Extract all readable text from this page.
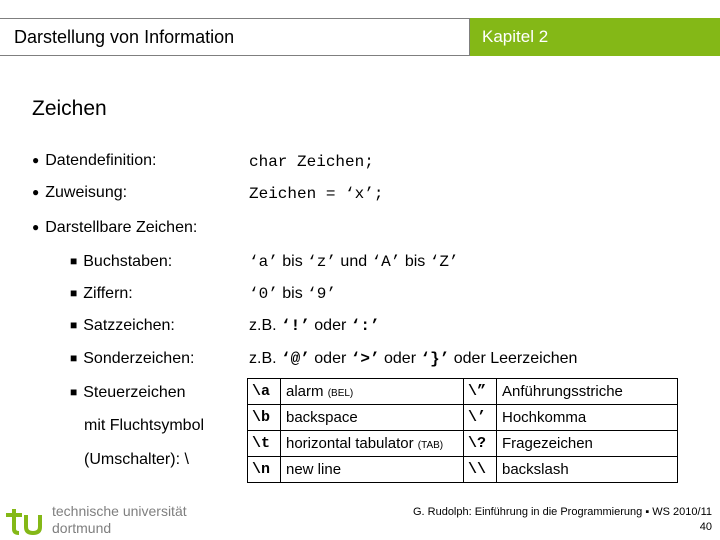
Darstellung von Information	Kapitel 2
Zeichen
● Datendefinition:	char Zeichen;
● Zuweisung:	Zeichen = ‘x’;
● Darstellbare Zeichen:
■ Buchstaben:	‘a’ bis ‘z’ und ‘A’ bis ‘Z’
■ Ziffern:	‘0’ bis ‘9’
■ Satzzeichen:	z.B. ‘!’ oder ‘:’
■ Sonderzeichen:	z.B. ‘@’ oder ‘>’ oder ‘}’ oder Leerzeichen
■ Steuerzeichen
mit Fluchtsymbol
(Umschalter): \
\a	alarm (BEL)	\”	Anführungsstriche
\b	backspace	\’	Hochkomma
\t	horizontal tabulator (TAB)	\?	Fragezeichen
\n	new line	\\	backslash
technische universität
dortmund
G. Rudolph: Einführung in die Programmierung ▪ WS 2010/11
40
